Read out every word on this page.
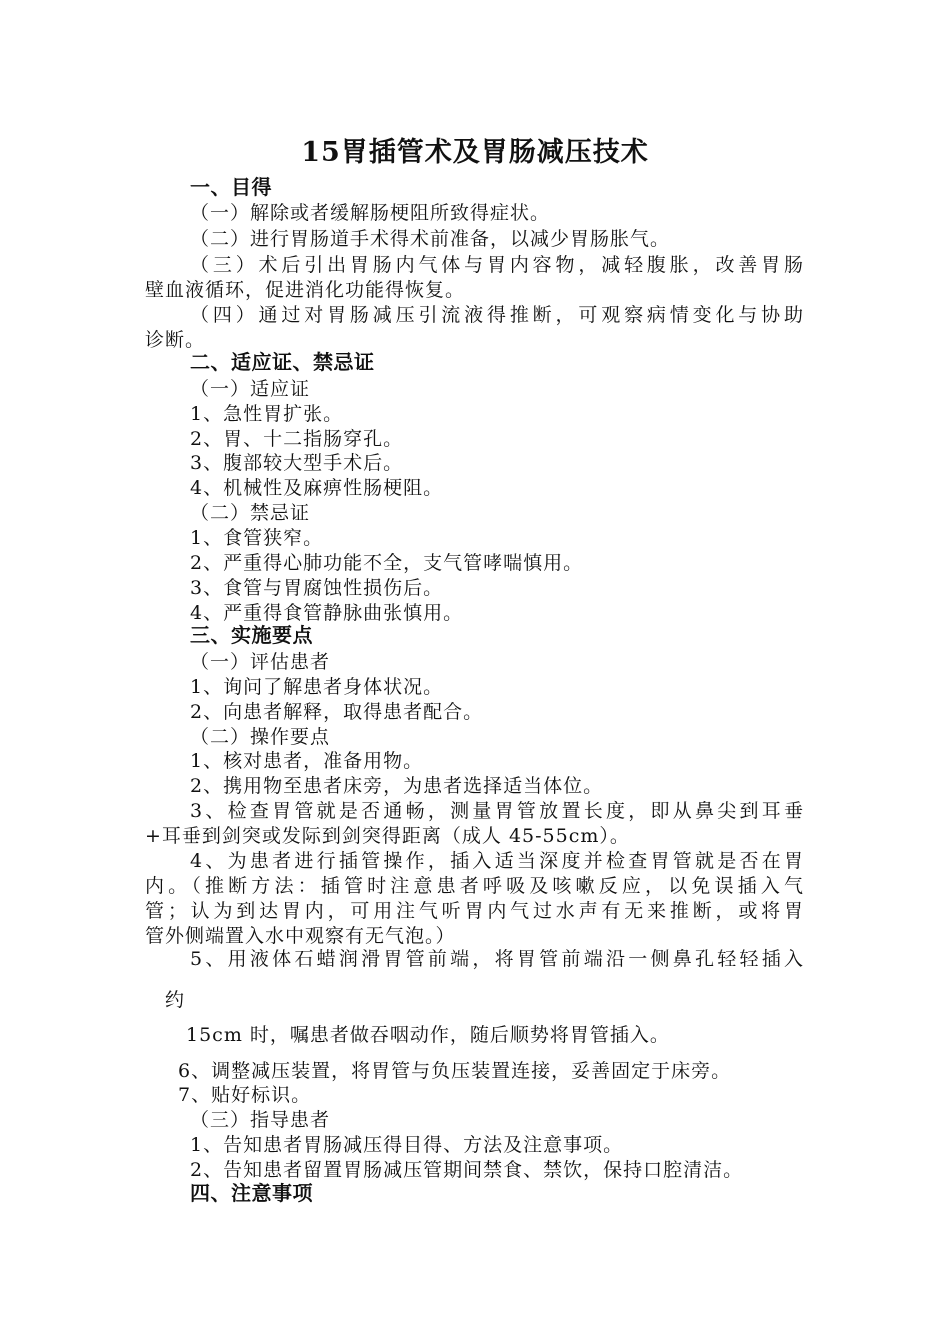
15胃插管术及胃肠减压技术
一、目得
（一）解除或者缓解肠梗阻所致得症状。
（二）进行胃肠道手术得术前准备，以减少胃肠胀气。
（三）术后引出胃肠内气体与胃内容物，减轻腹胀，改善胃肠
壁血液循环，促进消化功能得恢复。
（四）通过对胃肠减压引流液得推断，可观察病情变化与协助
诊断。
二、适应证、禁忌证
（一）适应证
1、急性胃扩张。
2、胃、十二指肠穿孔。
3、腹部较大型手术后。
4、机械性及麻痹性肠梗阻。
（二）禁忌证
1、食管狭窄。
2、严重得心肺功能不全，支气管哮喘慎用。
3、食管与胃腐蚀性损伤后。
4、严重得食管静脉曲张慎用。
三、实施要点
（一）评估患者
1、询问了解患者身体状况。
2、向患者解释，取得患者配合。
（二）操作要点
1、核对患者，准备用物。
2、携用物至患者床旁，为患者选择适当体位。
3、检查胃管就是否通畅，测量胃管放置长度，即从鼻尖到耳垂
+耳垂到剑突或发际到剑突得距离（成人 45-55cm）。
4、为患者进行插管操作，插入适当深度并检查胃管就是否在胃
内。（推断方法：插管时注意患者呼吸及咳嗽反应，以免误插入气
管；认为到达胃内，可用注气听胃内气过水声有无来推断，或将胃
管外侧端置入水中观察有无气泡。）
5、用液体石蜡润滑胃管前端，将胃管前端沿一侧鼻孔轻轻插入
约
15cm 时，嘱患者做吞咽动作，随后顺势将胃管插入。
6、调整减压装置，将胃管与负压装置连接，妥善固定于床旁。
7、贴好标识。
（三）指导患者
1、告知患者胃肠减压得目得、方法及注意事项。
2、告知患者留置胃肠减压管期间禁食、禁饮，保持口腔清洁。
四、注意事项
